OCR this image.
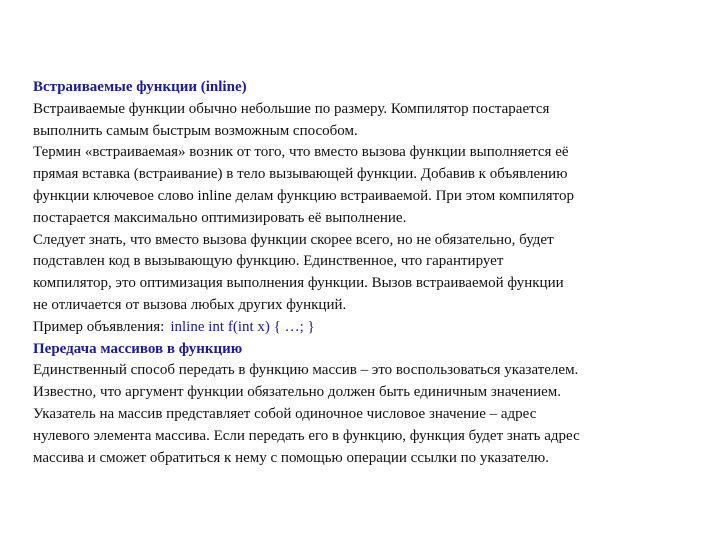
Встраиваемые функции (inline)

Встраиваемые функции обычно небольшие по размеру. Компилятор постарается

выполнить самым быстрым возможным способом.

Термин «встраиваемая» возник от того, что вместо вызова функции выполняется её

прямая вставка (встраивание) в тело вызывающей функции. Добавив к объявлению

функции ключевое слово inline делам функцию встраиваемой. При этом компилятор

постарается максимально оптимизировать её выполнение.

Следует знать, что вместо вызова функции скорее всего, но не обязательно, будет

подставлен код в вызывающую функцию. Единственное, что гарантирует

компилятор, это оптимизация выполнения функции. Вызов встраиваемой функции

не отличается от вызова любых других функций.

Пример объявления: inline int f(int x) { …; }

Передача массивов в функцию

Единственный способ передать в функцию массив – это воспользоваться указателем.

Известно, что аргумент функции обязательно должен быть единичным значением.

Указатель на массив представляет собой одиночное числовое значение – адрес

нулевого элемента массива. Если передать его в функцию, функция будет знать адрес

массива и сможет обратиться к нему с помощью операции ссылки по указателю.
